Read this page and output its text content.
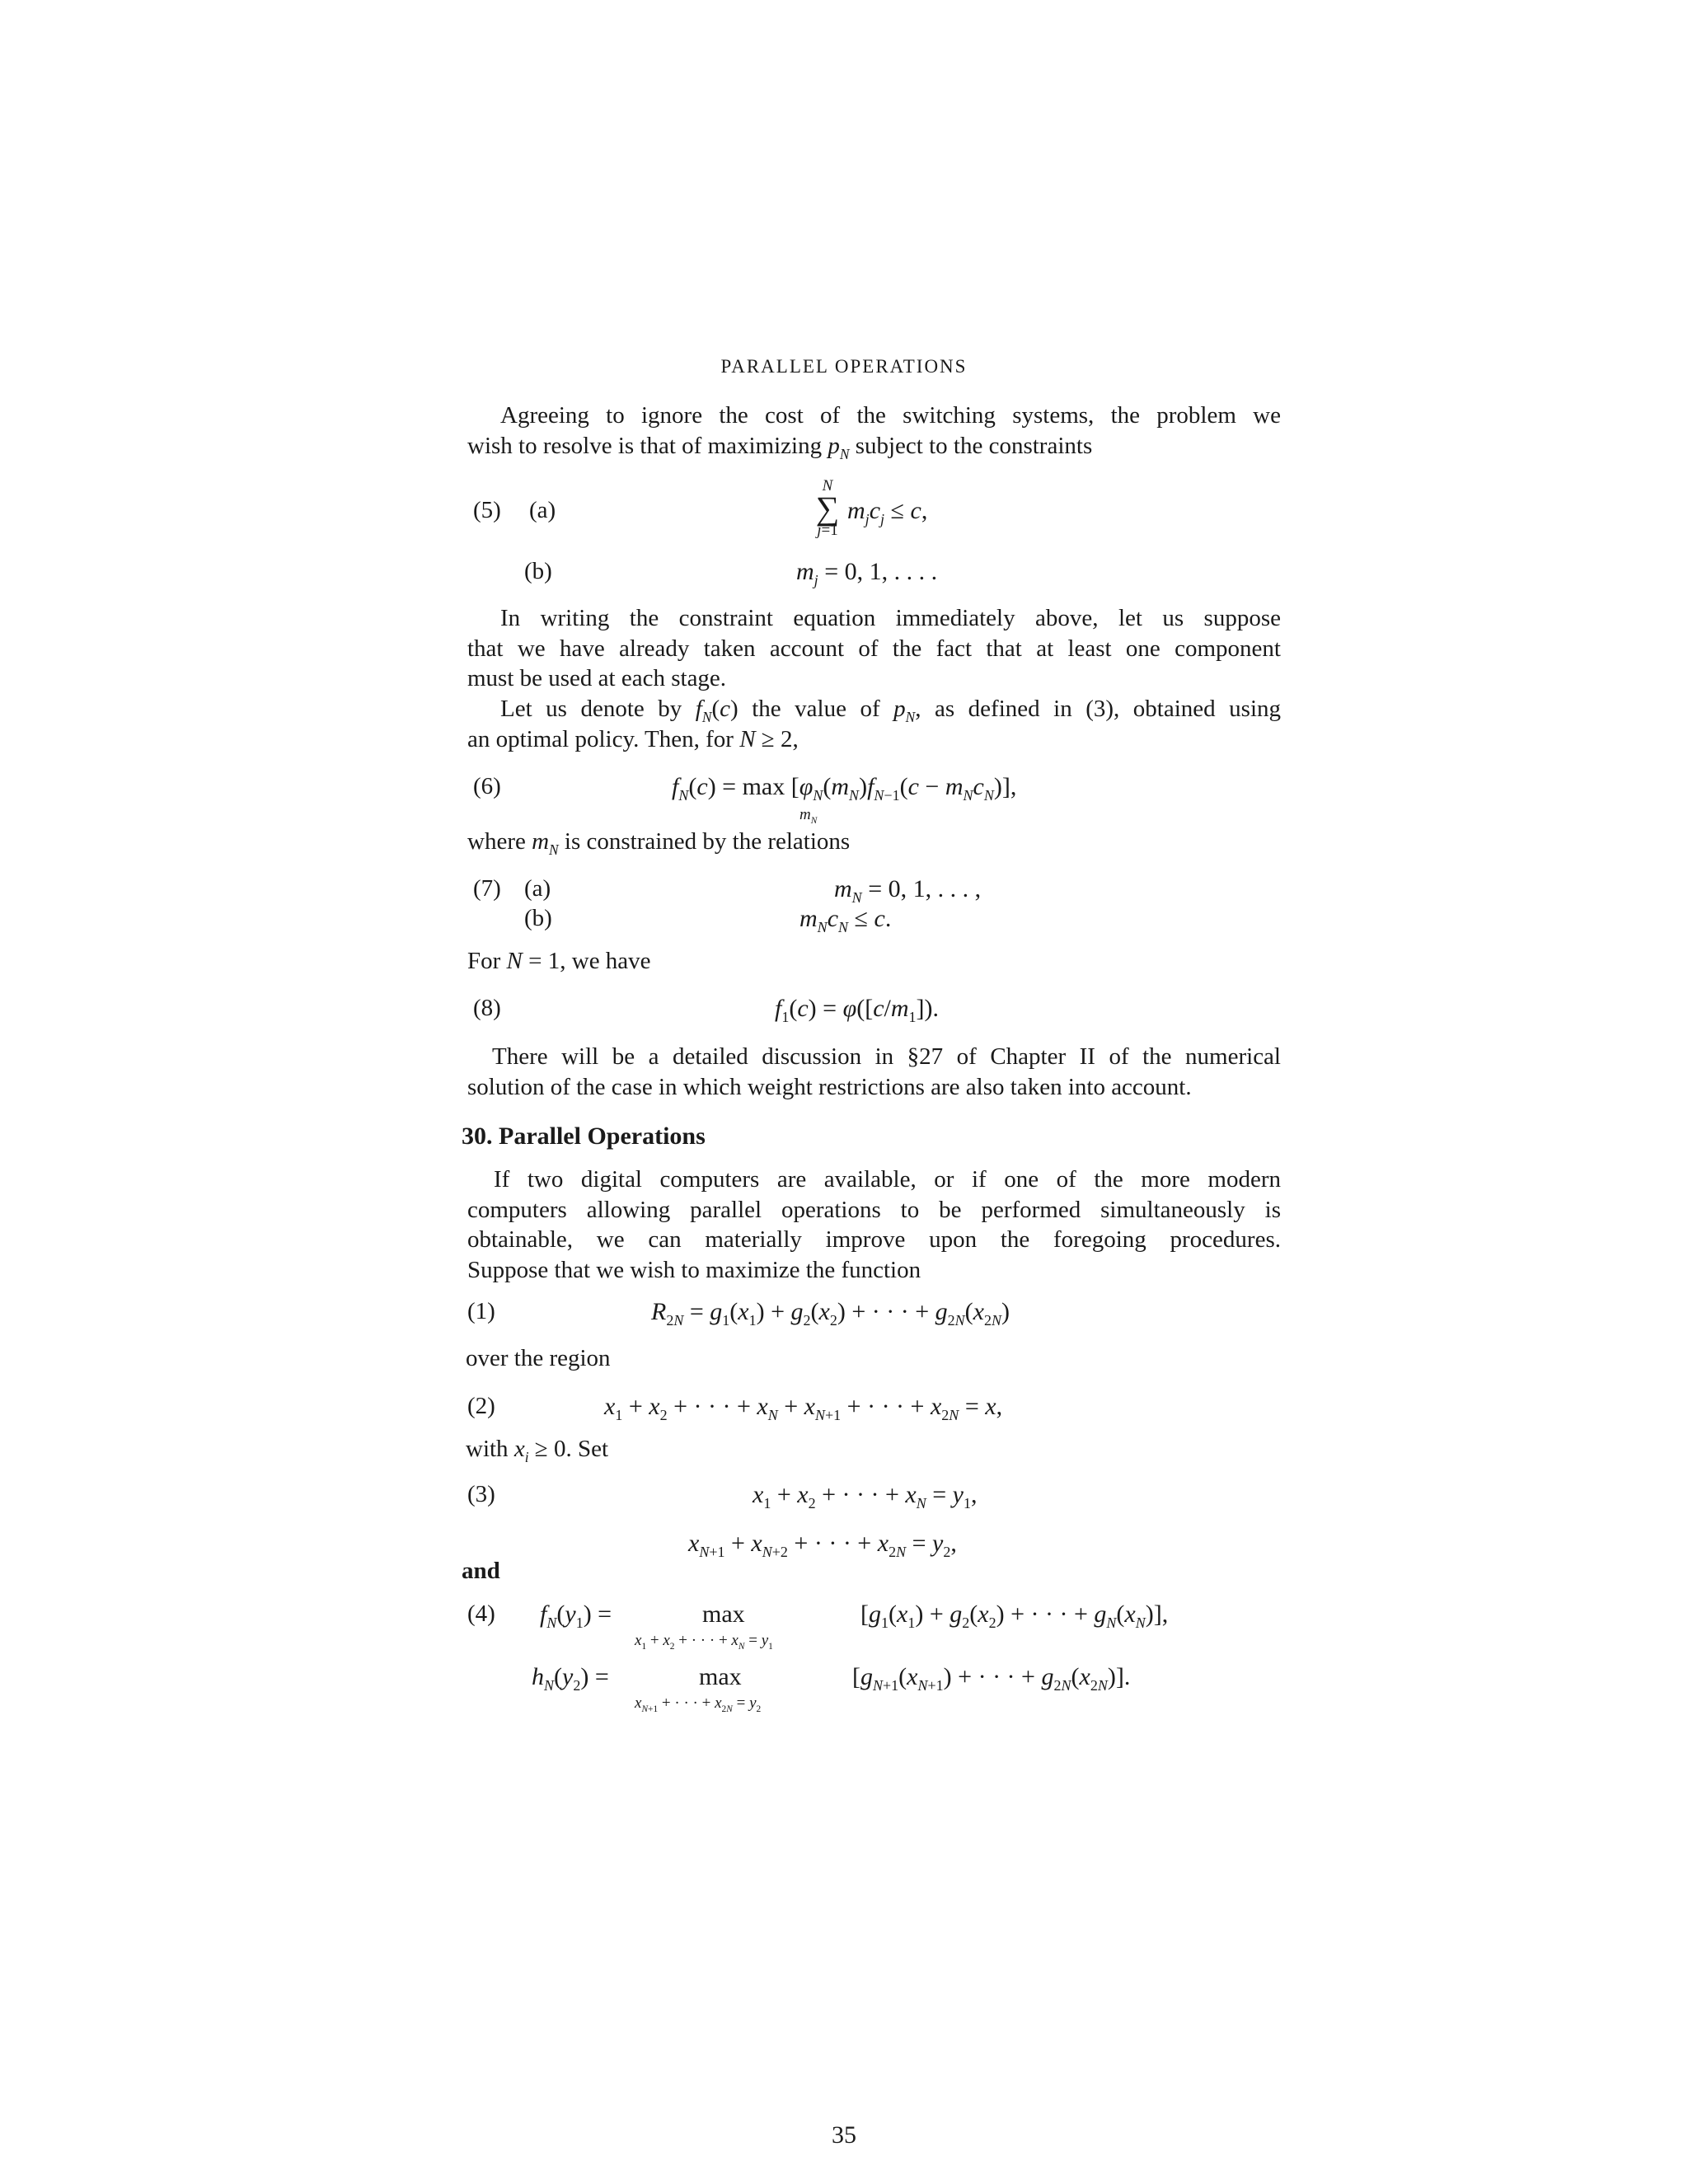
PARALLEL OPERATIONS
Agreeing to ignore the cost of the switching systems, the problem we
wish to resolve is that of maximizing $p_N$ subject to the constraints
(5) (a)
N
∑
j=1
$m_jc_j \le c$,
(b)	$m_j = 0$, 1, . . . .
In writing the constraint equation immediately above, let us suppose
that we have already taken account of the fact that at least one component
must be used at each stage.
Let us denote by $f_N(c)$ the value of $p_N$, as defined in (3), obtained using
an optimal policy. Then, for N ≥ 2,
(6)	$f_N(c) = \max [\varphi_N(m_N)f_{N-1}(c - m_Nc_N)]$,
$m_N$
where $m_N$ is constrained by the relations
(7) (a)
(b)
$m_N = 0$, 1, . . . ,
$m_Nc_N \le c$.
For N = 1, we have
(8)	$f_1(c) = \varphi([c/m_1])$.
There will be a detailed discussion in §27 of Chapter II of the numerical
solution of the case in which weight restrictions are also taken into account.
30. Parallel Operations
If two digital computers are available, or if one of the more modern
computers allowing parallel operations to be performed simultaneously is
obtainable, we can materially improve upon the foregoing procedures.
Suppose that we wish to maximize the function
(1)	$R_{2N} = g_1(x_1) + g_2(x_2)$ + · · · + $g_{2N}(x_{2N})$
over the region
(2)	$x_1 + x_2$ + · · · + $x_N + x_{N+1}$ + · · · + $x_{2N} = x$,
with $x_i \ge 0$. Set
(3)	$x_1 + x_2$ + · · · + $x_N = y_1$,
$x_{N+1} + x_{N+2}$ + · · · + $x_{2N} = y_2$,
and
(4) $f_N(y_1)$ =	max
$x_1 + x_2$ + · · · + $x_N = y_1$
[$g_1(x_1) + g_2(x_2)$ + · · · + $g_N(x_N)$],
$h_N(y_2)$ =	max
$x_{N+1}$ + · · · + $x_{2N} = y_2$
[$g_{N+1}(x_{N+1})$ + · · · + $g_{2N}(x_{2N})$].
35
